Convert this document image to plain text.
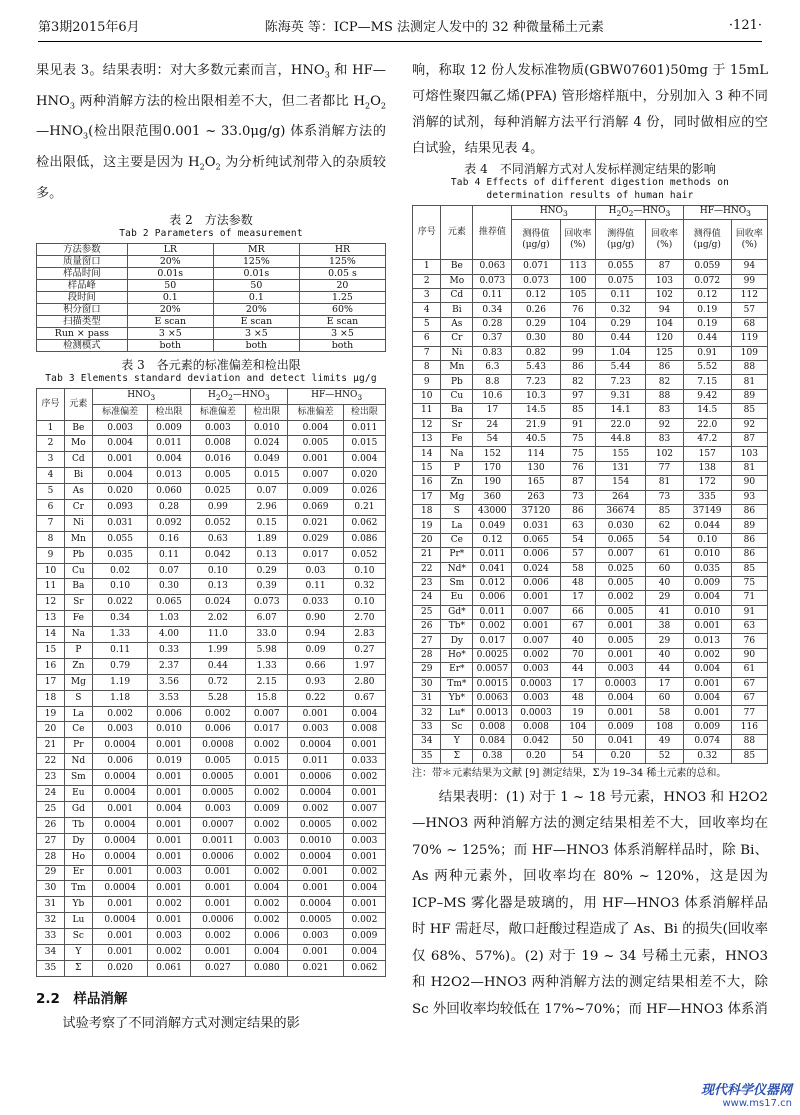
第3期2015年6月	陈海英 等：ICP—MS 法测定人发中的 32 种微量稀土元素	·121·

果见表 3。结果表明：对大多数元素而言，$HNO_3$ 和 $HF—HNO_3$ 两种消解方法的检出限相差不大，但二者都比 $H_2O_2—HNO_3$(检出限范围0.001 ~ 33.0μg/g) 体系消解方法的检出限低，这主要是因为 $H_2O_2$ 为分析纯试剂带入的杂质较多。

表 2　方法参数
Tab 2 Parameters of measurement
方法参数	LR	MR	HR
质量窗口	20%	125%	125%
样品时间	0.01s	0.01s	0.05 s
样品峰	50	50	20
段时间	0.1	0.1	1.25
积分窗口	20%	20%	60%
扫描类型	E scan	E scan	E scan
Run × pass	3 ×5	3 ×5	3 ×5
检测模式	both	both	both
表 3　各元素的标准偏差和检出限
Tab 3 Elements standard deviation and detect limits μg/g
序号	元素	$HNO_3$		$H_2O_2—HNO_3$		$HF—HNO_3$
		标准偏差	检出限	标准偏差	检出限	标准偏差	检出限
1	Be	0.003	0.009	0.003	0.010	0.004	0.011
2	Mo	0.004	0.011	0.008	0.024	0.005	0.015
3	Cd	0.001	0.004	0.016	0.049	0.001	0.004
4	Bi	0.004	0.013	0.005	0.015	0.007	0.020
5	As	0.020	0.060	0.025	0.07	0.009	0.026
6	Cr	0.093	0.28	0.99	2.96	0.069	0.21
7	Ni	0.031	0.092	0.052	0.15	0.021	0.062
8	Mn	0.055	0.16	0.63	1.89	0.029	0.086
9	Pb	0.035	0.11	0.042	0.13	0.017	0.052
10	Cu	0.02	0.07	0.10	0.29	0.03	0.10
11	Ba	0.10	0.30	0.13	0.39	0.11	0.32
12	Sr	0.022	0.065	0.024	0.073	0.033	0.10
13	Fe	0.34	1.03	2.02	6.07	0.90	2.70
14	Na	1.33	4.00	11.0	33.0	0.94	2.83
15	P	0.11	0.33	1.99	5.98	0.09	0.27
16	Zn	0.79	2.37	0.44	1.33	0.66	1.97
17	Mg	1.19	3.56	0.72	2.15	0.93	2.80
18	S	1.18	3.53	5.28	15.8	0.22	0.67
19	La	0.002	0.006	0.002	0.007	0.001	0.004
20	Ce	0.003	0.010	0.006	0.017	0.003	0.008
21	Pr	0.0004	0.001	0.0008	0.002	0.0004	0.001
22	Nd	0.006	0.019	0.005	0.015	0.011	0.033
23	Sm	0.0004	0.001	0.0005	0.001	0.0006	0.002
24	Eu	0.0004	0.001	0.0005	0.002	0.0004	0.001
25	Gd	0.001	0.004	0.003	0.009	0.002	0.007
26	Tb	0.0004	0.001	0.0007	0.002	0.0005	0.002
27	Dy	0.0004	0.001	0.0011	0.003	0.0010	0.003
28	Ho	0.0004	0.001	0.0006	0.002	0.0004	0.001
29	Er	0.001	0.003	0.001	0.002	0.001	0.002
30	Tm	0.0004	0.001	0.001	0.004	0.001	0.004
31	Yb	0.001	0.002	0.001	0.002	0.0004	0.001
32	Lu	0.0004	0.001	0.0006	0.002	0.0005	0.002
33	Sc	0.001	0.003	0.002	0.006	0.003	0.009
34	Y	0.001	0.002	0.001	0.004	0.001	0.004
35	Σ	0.020	0.061	0.027	0.080	0.021	0.062
2.2　样品消解

试验考察了不同消解方式对测定结果的影

响，称取 12 份人发标准物质(GBW07601)50mg 于 15mL 可熔性聚四氟乙烯(PFA) 管形熔样瓶中，分别加入 3 种不同消解的试剂，每种消解方法平行消解 4 份，同时做相应的空白试验，结果见表 4。

表 4　不同消解方式对人发标样测定结果的影响
Tab 4 Effects of different digestion methods on
determination results of human hair
序号	元素	推荐值	$HNO_3$		$H_2O_2—HNO_3$		$HF—HNO_3$
			测得值(μg/g)	回收率(%)	测得值(μg/g)	回收率(%)	测得值(μg/g)	回收率(%)
1	Be	0.063	0.071	113	0.055	87	0.059	94
2	Mo	0.073	0.073	100	0.075	103	0.072	99
3	Cd	0.11	0.12	105	0.11	102	0.12	112
4	Bi	0.34	0.26	76	0.32	94	0.19	57
5	As	0.28	0.29	104	0.29	104	0.19	68
6	Cr	0.37	0.30	80	0.44	120	0.44	119
7	Ni	0.83	0.82	99	1.04	125	0.91	109
8	Mn	6.3	5.43	86	5.44	86	5.52	88
9	Pb	8.8	7.23	82	7.23	82	7.15	81
10	Cu	10.6	10.3	97	9.31	88	9.42	89
11	Ba	17	14.5	85	14.1	83	14.5	85
12	Sr	24	21.9	91	22.0	92	22.0	92
13	Fe	54	40.5	75	44.8	83	47.2	87
14	Na	152	114	75	155	102	157	103
15	P	170	130	76	131	77	138	81
16	Zn	190	165	87	154	81	172	90
17	Mg	360	263	73	264	73	335	93
18	S	43000	37120	86	36674	85	37149	86
19	La	0.049	0.031	63	0.030	62	0.044	89
20	Ce	0.12	0.065	54	0.065	54	0.10	86
21	Pr*	0.011	0.006	57	0.007	61	0.010	86
22	Nd*	0.041	0.024	58	0.025	60	0.035	85
23	Sm	0.012	0.006	48	0.005	40	0.009	75
24	Eu	0.006	0.001	17	0.002	29	0.004	71
25	Gd*	0.011	0.007	66	0.005	41	0.010	91
26	Tb*	0.002	0.001	67	0.001	38	0.001	63
27	Dy	0.017	0.007	40	0.005	29	0.013	76
28	Ho*	0.0025	0.002	70	0.001	40	0.002	90
29	Er*	0.0057	0.003	44	0.003	44	0.004	61
30	Tm*	0.0015	0.0003	17	0.0003	17	0.001	67
31	Yb*	0.0063	0.003	48	0.004	60	0.004	67
32	Lu*	0.0013	0.0003	19	0.001	58	0.001	77
33	Sc	0.008	0.008	104	0.009	108	0.009	116
34	Y	0.084	0.042	50	0.041	49	0.074	88
35	Σ	0.38	0.20	54	0.20	52	0.32	85
注：带＊元素结果为文献 [9] 测定结果，Σ为 19–34 稀土元素的总和。

结果表明：(1) 对于 1 ~ 18 号元素，HNO3 和 H2O2—HNO3 两种消解方法的测定结果相差不大，回收率均在 70% ~ 125%；而 HF—HNO3 体系消解样品时，除 Bi、As 两种元素外，回收率均在 80% ~ 120%，这是因为 ICP–MS 雾化器是玻璃的，用 HF—HNO3 体系消解样品时 HF 需赶尽，敞口赶酸过程造成了 As、Bi 的损失(回收率仅 68%、57%)。(2) 对于 19 ~ 34 号稀土元素，HNO3 和 H2O2—HNO3 两种消解方法的测定结果相差不大，除 Sc 外回收率均较低在 17%~70%；而 HF—HNO3 体系消

现代科学仪器网
www.ms17.cn
